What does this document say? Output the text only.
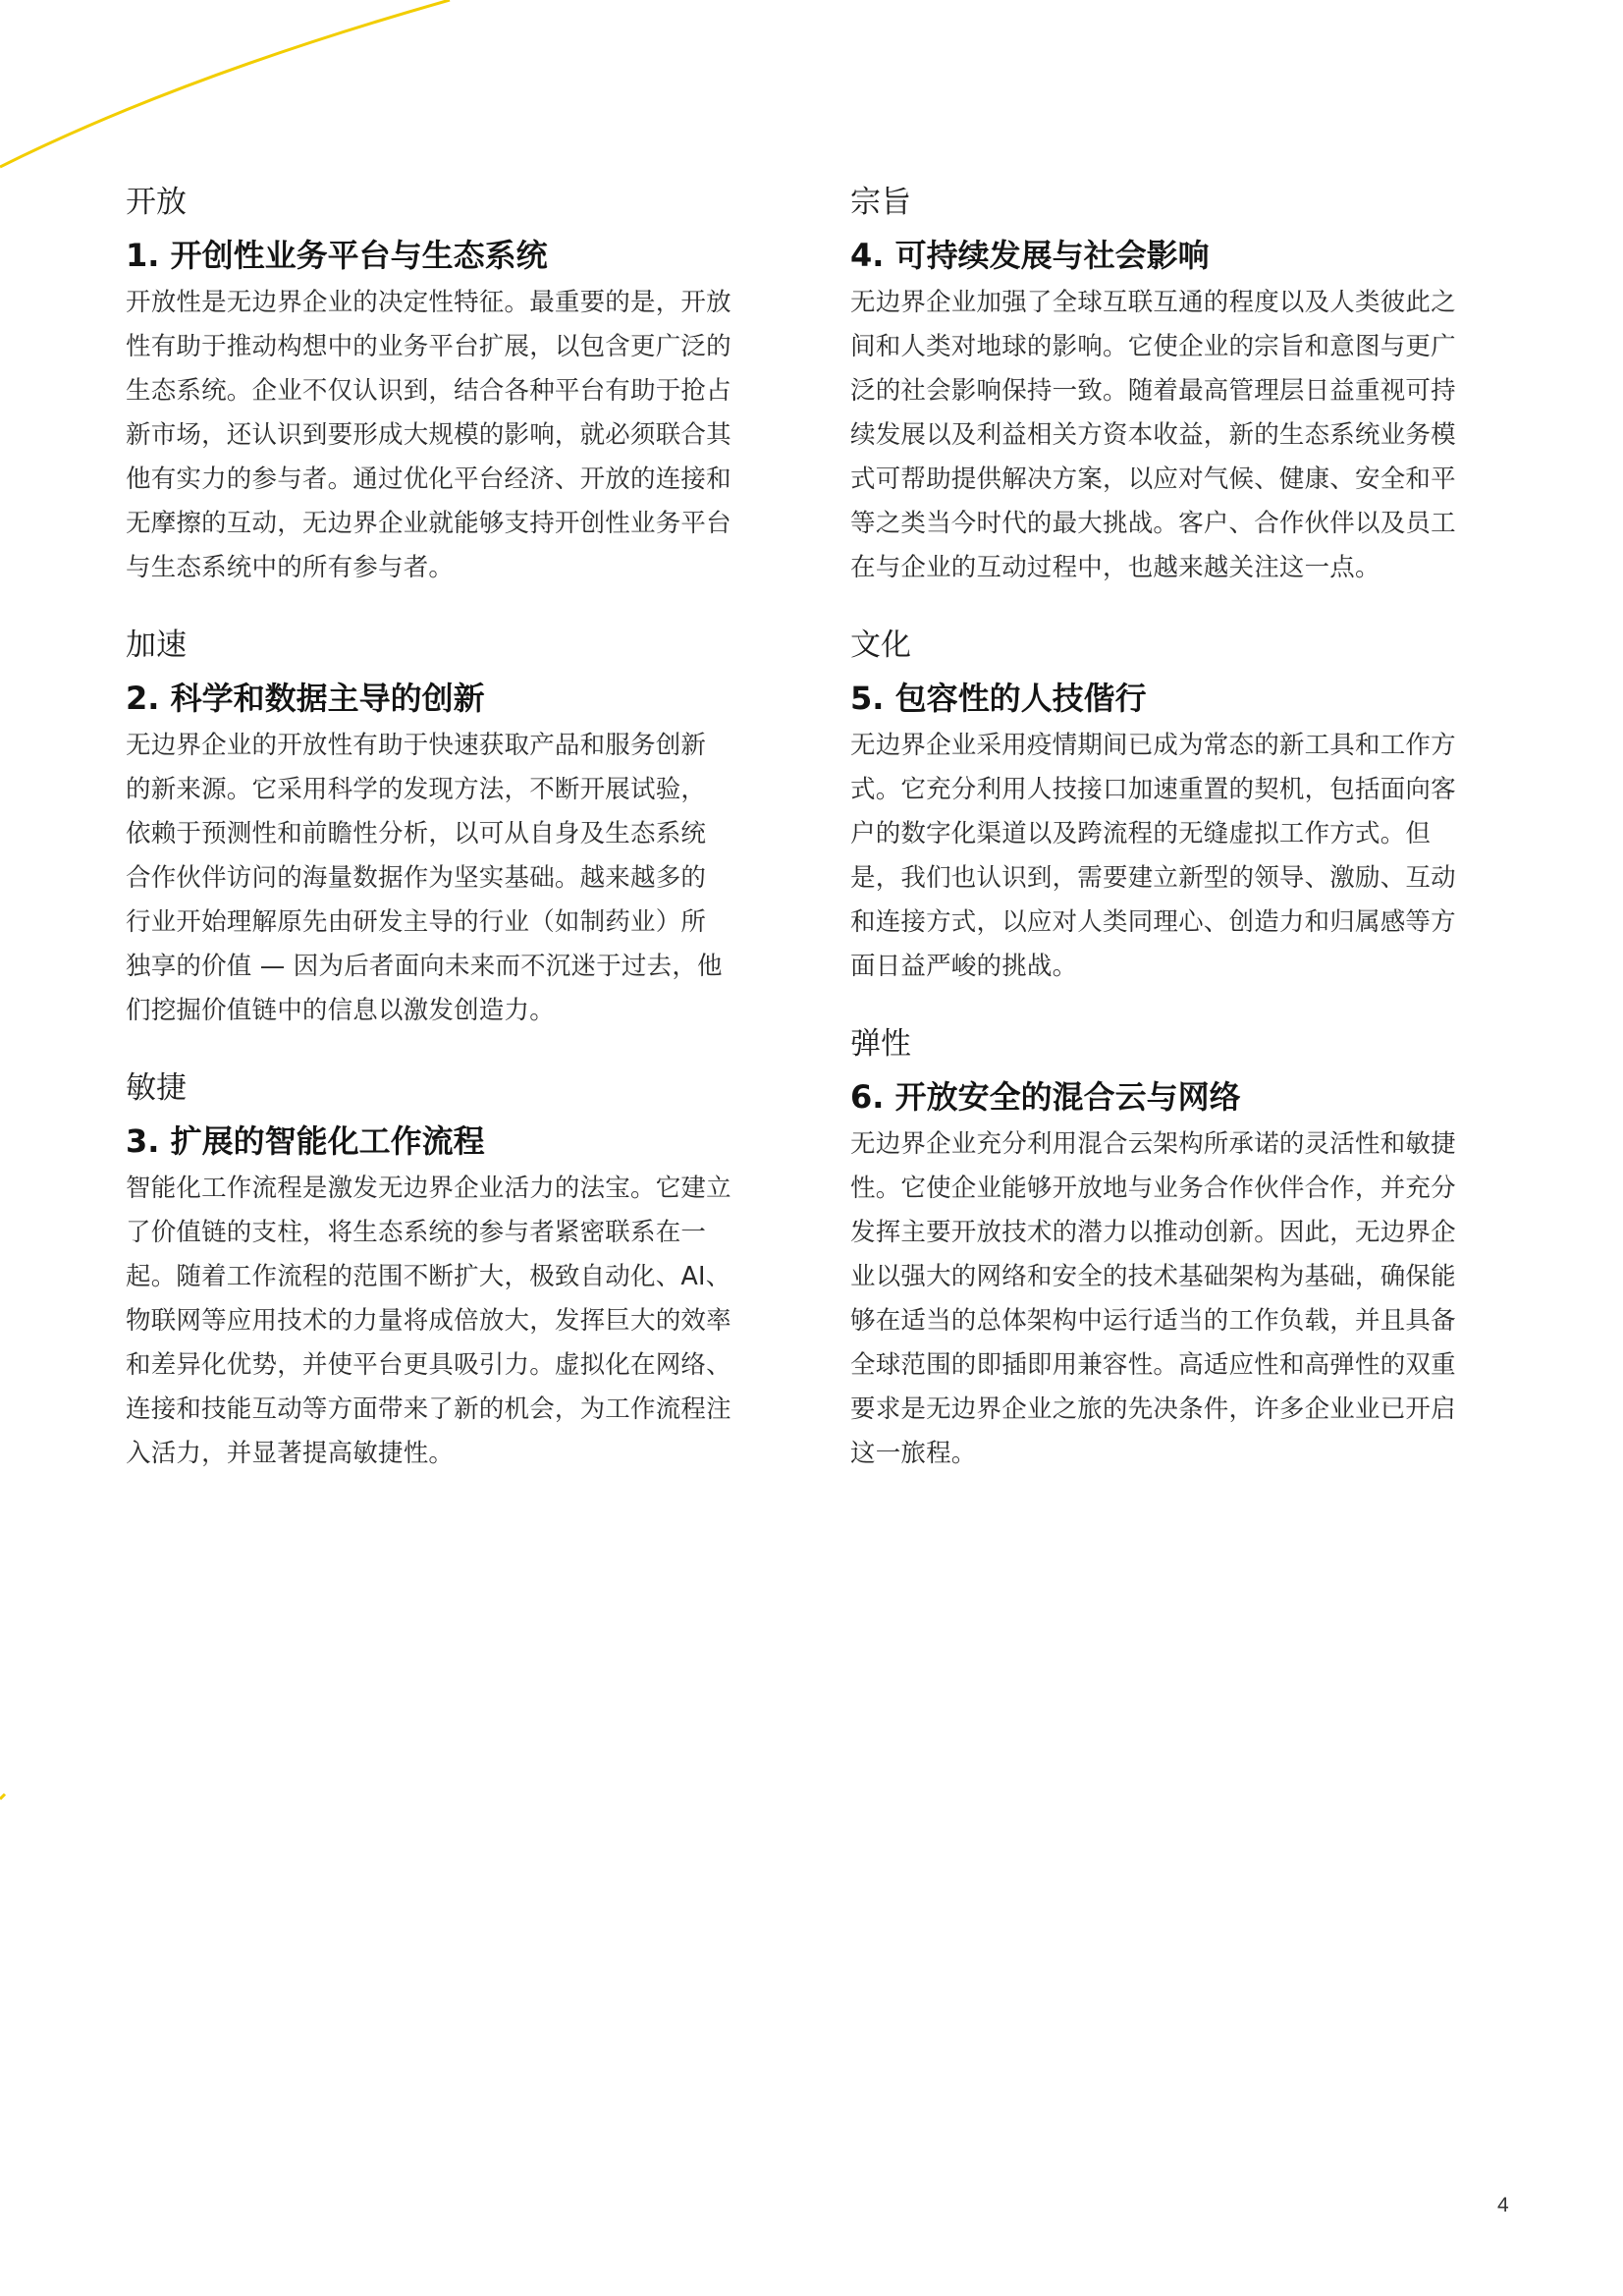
开放
1. 开创性业务平台与生态系统
开放性是无边界企业的决定性特征。最重要的是，开放
性有助于推动构想中的业务平台扩展，以包含更广泛的
生态系统。企业不仅认识到，结合各种平台有助于抢占
新市场，还认识到要形成大规模的影响，就必须联合其
他有实力的参与者。通过优化平台经济、开放的连接和
无摩擦的互动，无边界企业就能够支持开创性业务平台
与生态系统中的所有参与者。
加速
2. 科学和数据主导的创新
无边界企业的开放性有助于快速获取产品和服务创新
的新来源。它采用科学的发现方法，不断开展试验，
依赖于预测性和前瞻性分析，以可从自身及生态系统
合作伙伴访问的海量数据作为坚实基础。越来越多的
行业开始理解原先由研发主导的行业（如制药业）所
独享的价值 — 因为后者面向未来而不沉迷于过去，他
们挖掘价值链中的信息以激发创造力。
敏捷
3. 扩展的智能化工作流程
智能化工作流程是激发无边界企业活力的法宝。它建立
了价值链的支柱，将生态系统的参与者紧密联系在一
起。随着工作流程的范围不断扩大，极致自动化、AI、
物联网等应用技术的力量将成倍放大，发挥巨大的效率
和差异化优势，并使平台更具吸引力。虚拟化在网络、
连接和技能互动等方面带来了新的机会，为工作流程注
入活力，并显著提高敏捷性。
宗旨
4. 可持续发展与社会影响
无边界企业加强了全球互联互通的程度以及人类彼此之
间和人类对地球的影响。它使企业的宗旨和意图与更广
泛的社会影响保持一致。随着最高管理层日益重视可持
续发展以及利益相关方资本收益，新的生态系统业务模
式可帮助提供解决方案，以应对气候、健康、安全和平
等之类当今时代的最大挑战。客户、合作伙伴以及员工
在与企业的互动过程中，也越来越关注这一点。
文化
5. 包容性的人技偕行
无边界企业采用疫情期间已成为常态的新工具和工作方
式。它充分利用人技接口加速重置的契机，包括面向客
户的数字化渠道以及跨流程的无缝虚拟工作方式。但
是，我们也认识到，需要建立新型的领导、激励、互动
和连接方式，以应对人类同理心、创造力和归属感等方
面日益严峻的挑战。
弹性
6. 开放安全的混合云与网络
无边界企业充分利用混合云架构所承诺的灵活性和敏捷
性。它使企业能够开放地与业务合作伙伴合作，并充分
发挥主要开放技术的潜力以推动创新。因此，无边界企
业以强大的网络和安全的技术基础架构为基础，确保能
够在适当的总体架构中运行适当的工作负载，并且具备
全球范围的即插即用兼容性。高适应性和高弹性的双重
要求是无边界企业之旅的先决条件，许多企业业已开启
这一旅程。
4
